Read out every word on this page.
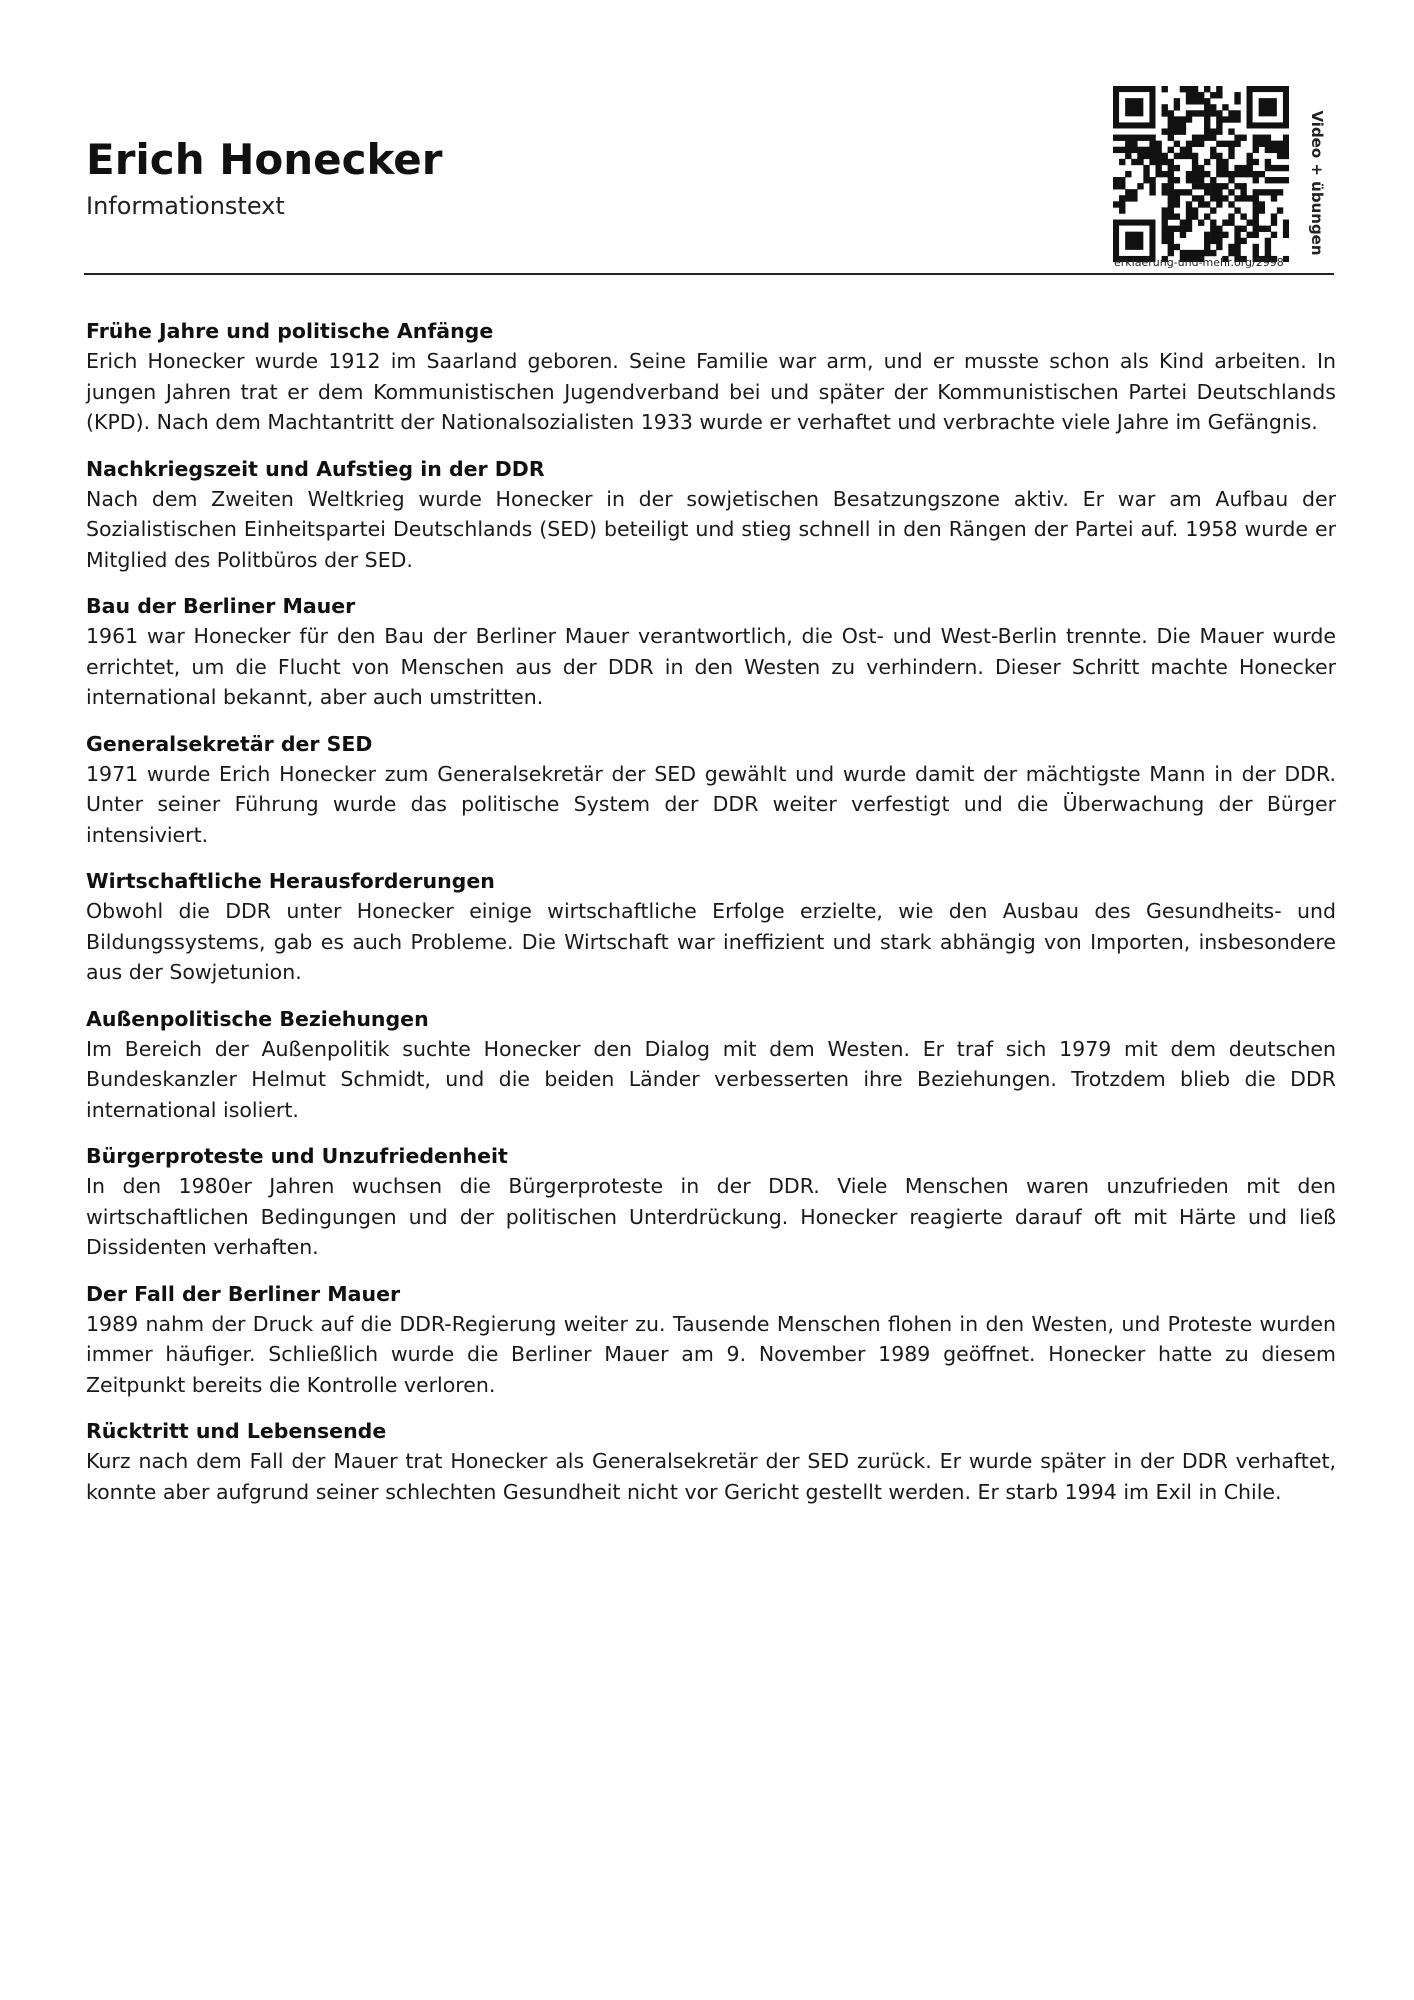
Erich Honecker
Informationstext
erklaerung-und-mehr.org/2998
Video + übungen
Frühe Jahre und politische Anfänge

Erich Honecker wurde 1912 im Saarland geboren. Seine Familie war arm, und er musste schon als Kind arbeiten. In jungen Jahren trat er dem Kommunistischen Jugendverband bei und später der Kommunistischen Partei Deutschlands (KPD). Nach dem Machtantritt der Nationalsozialisten 1933 wurde er verhaftet und verbrachte viele Jahre im Gefängnis.

Nachkriegszeit und Aufstieg in der DDR

Nach dem Zweiten Weltkrieg wurde Honecker in der sowjetischen Besatzungszone aktiv. Er war am Aufbau der Sozialistischen Einheitspartei Deutschlands (SED) beteiligt und stieg schnell in den Rängen der Partei auf. 1958 wurde er Mitglied des Politbüros der SED.

Bau der Berliner Mauer

1961 war Honecker für den Bau der Berliner Mauer verantwortlich, die Ost- und West-Berlin trennte. Die Mauer wurde errichtet, um die Flucht von Menschen aus der DDR in den Westen zu verhindern. Dieser Schritt machte Honecker international bekannt, aber auch umstritten.

Generalsekretär der SED

1971 wurde Erich Honecker zum Generalsekretär der SED gewählt und wurde damit der mächtigste Mann in der DDR. Unter seiner Führung wurde das politische System der DDR weiter verfestigt und die Überwachung der Bürger intensiviert.

Wirtschaftliche Herausforderungen

Obwohl die DDR unter Honecker einige wirtschaftliche Erfolge erzielte, wie den Ausbau des Gesundheits- und Bildungssystems, gab es auch Probleme. Die Wirtschaft war ineffizient und stark abhängig von Importen, insbesondere aus der Sowjetunion.

Außenpolitische Beziehungen

Im Bereich der Außenpolitik suchte Honecker den Dialog mit dem Westen. Er traf sich 1979 mit dem deutschen Bundeskanzler Helmut Schmidt, und die beiden Länder verbesserten ihre Beziehungen. Trotzdem blieb die DDR international isoliert.

Bürgerproteste und Unzufriedenheit

In den 1980er Jahren wuchsen die Bürgerproteste in der DDR. Viele Menschen waren unzufrieden mit den wirtschaftlichen Bedingungen und der politischen Unterdrückung. Honecker reagierte darauf oft mit Härte und ließ Dissidenten verhaften.

Der Fall der Berliner Mauer

1989 nahm der Druck auf die DDR-Regierung weiter zu. Tausende Menschen flohen in den Westen, und Proteste wurden immer häufiger. Schließlich wurde die Berliner Mauer am 9. November 1989 geöffnet. Honecker hatte zu diesem Zeitpunkt bereits die Kontrolle verloren.

Rücktritt und Lebensende

Kurz nach dem Fall der Mauer trat Honecker als Generalsekretär der SED zurück. Er wurde später in der DDR verhaftet, konnte aber aufgrund seiner schlechten Gesundheit nicht vor Gericht gestellt werden. Er starb 1994 im Exil in Chile.
